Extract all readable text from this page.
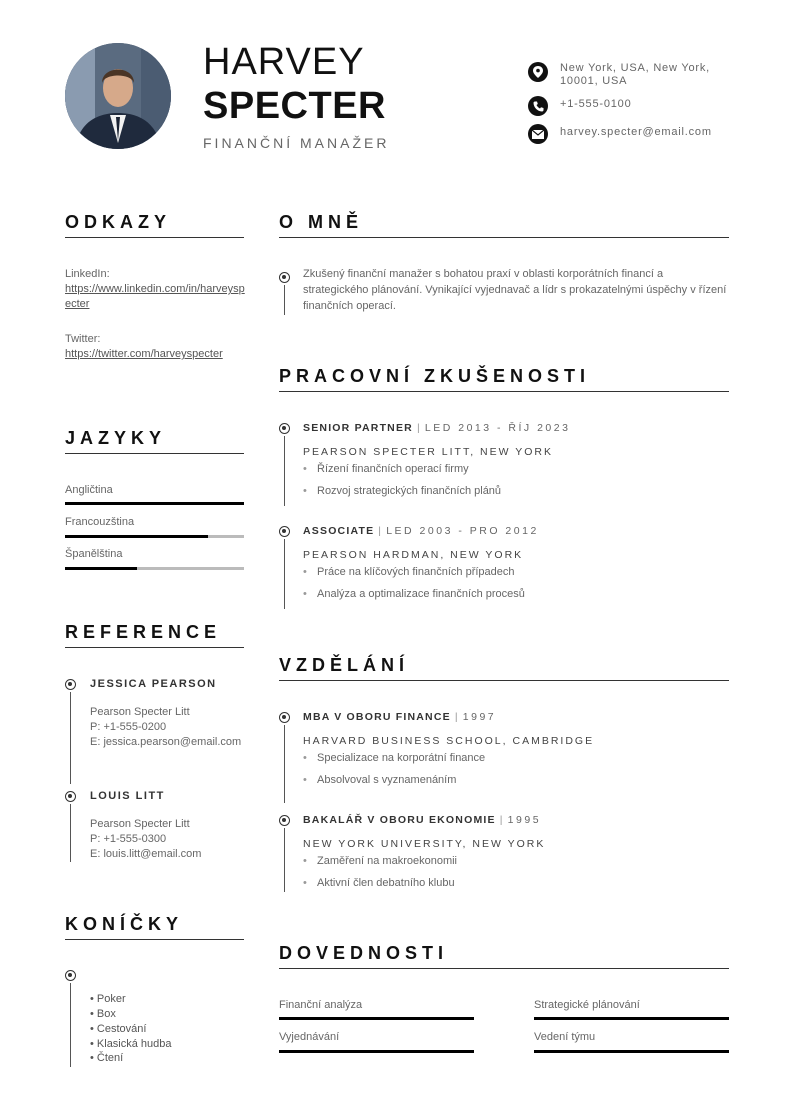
HARVEY
SPECTER
FINANČNÍ MANAŽER
New York, USA, New York, 10001, USA
+1-555-0100
harvey.specter@email.com
ODKAZY
LinkedIn:
https://www.linkedin.com/in/harveyspecter
Twitter:
https://twitter.com/harveyspecter
JAZYKY
Angličtina
Francouzština
Španělština
REFERENCE
JESSICA PEARSON
Pearson Specter Litt
P: +1-555-0200
E: jessica.pearson@email.com
LOUIS LITT
Pearson Specter Litt
P: +1-555-0300
E: louis.litt@email.com
KONÍČKY
• Poker
• Box
• Cestování
• Klasická hudba
• Čtení
O MNĚ
Zkušený finanční manažer s bohatou praxí v oblasti korporátních financí a strategického plánování. Vynikající vyjednavač a lídr s prokazatelnými úspěchy v řízení finančních operací.
PRACOVNÍ ZKUŠENOSTI
SENIOR PARTNER | LED 2013 - ŘÍJ 2023
PEARSON SPECTER LITT, NEW YORK
• Řízení finančních operací firmy
• Rozvoj strategických finančních plánů
ASSOCIATE | LED 2003 - PRO 2012
PEARSON HARDMAN, NEW YORK
• Práce na klíčových finančních případech
• Analýza a optimalizace finančních procesů
VZDĚLÁNÍ
MBA V OBORU FINANCE | 1997
HARVARD BUSINESS SCHOOL, CAMBRIDGE
• Specializace na korporátní finance
• Absolvoval s vyznamenáním
BAKALÁŘ V OBORU EKONOMIE | 1995
NEW YORK UNIVERSITY, NEW YORK
• Zaměření na makroekonomii
• Aktivní člen debatního klubu
DOVEDNOSTI
Finanční analýza	Strategické plánování
Vyjednávání	Vedení týmu
